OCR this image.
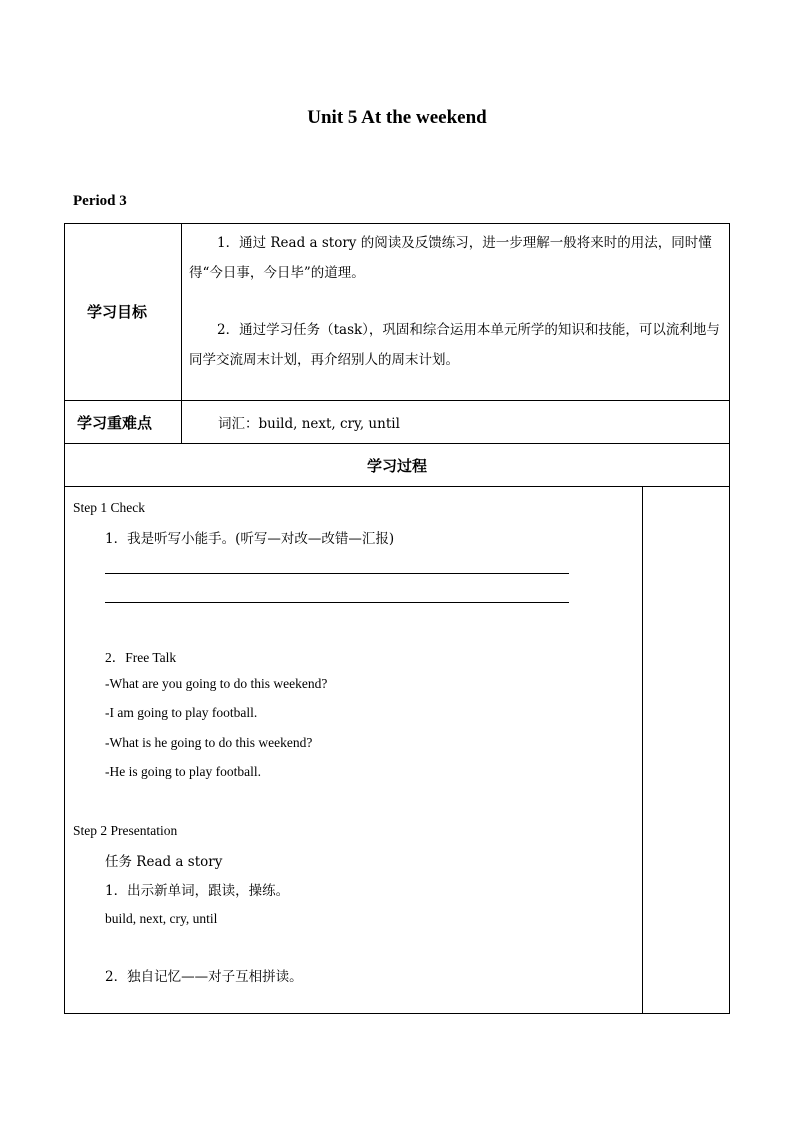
Unit 5 At the weekend
Period 3
学习目标
1．通过 Read a story 的阅读及反馈练习，进一步理解一般将来时的用法，同时懂得“今日事，今日毕”的道理。
2．通过学习任务（task），巩固和综合运用本单元所学的知识和技能，可以流利地与同学交流周末计划，再介绍别人的周末计划。
学习重难点	词汇：build, next, cry, until
学习过程
Step 1 Check
1．我是听写小能手。(听写—对改—改错—汇报)
2．Free Talk
-What are you going to do this weekend?
-I am going to play football.
-What is he going to do this weekend?
-He is going to play football.
Step 2 Presentation
任务 Read a story
1．出示新单词，跟读，操练。
build, next, cry, until
2．独自记忆——对子互相拼读。
